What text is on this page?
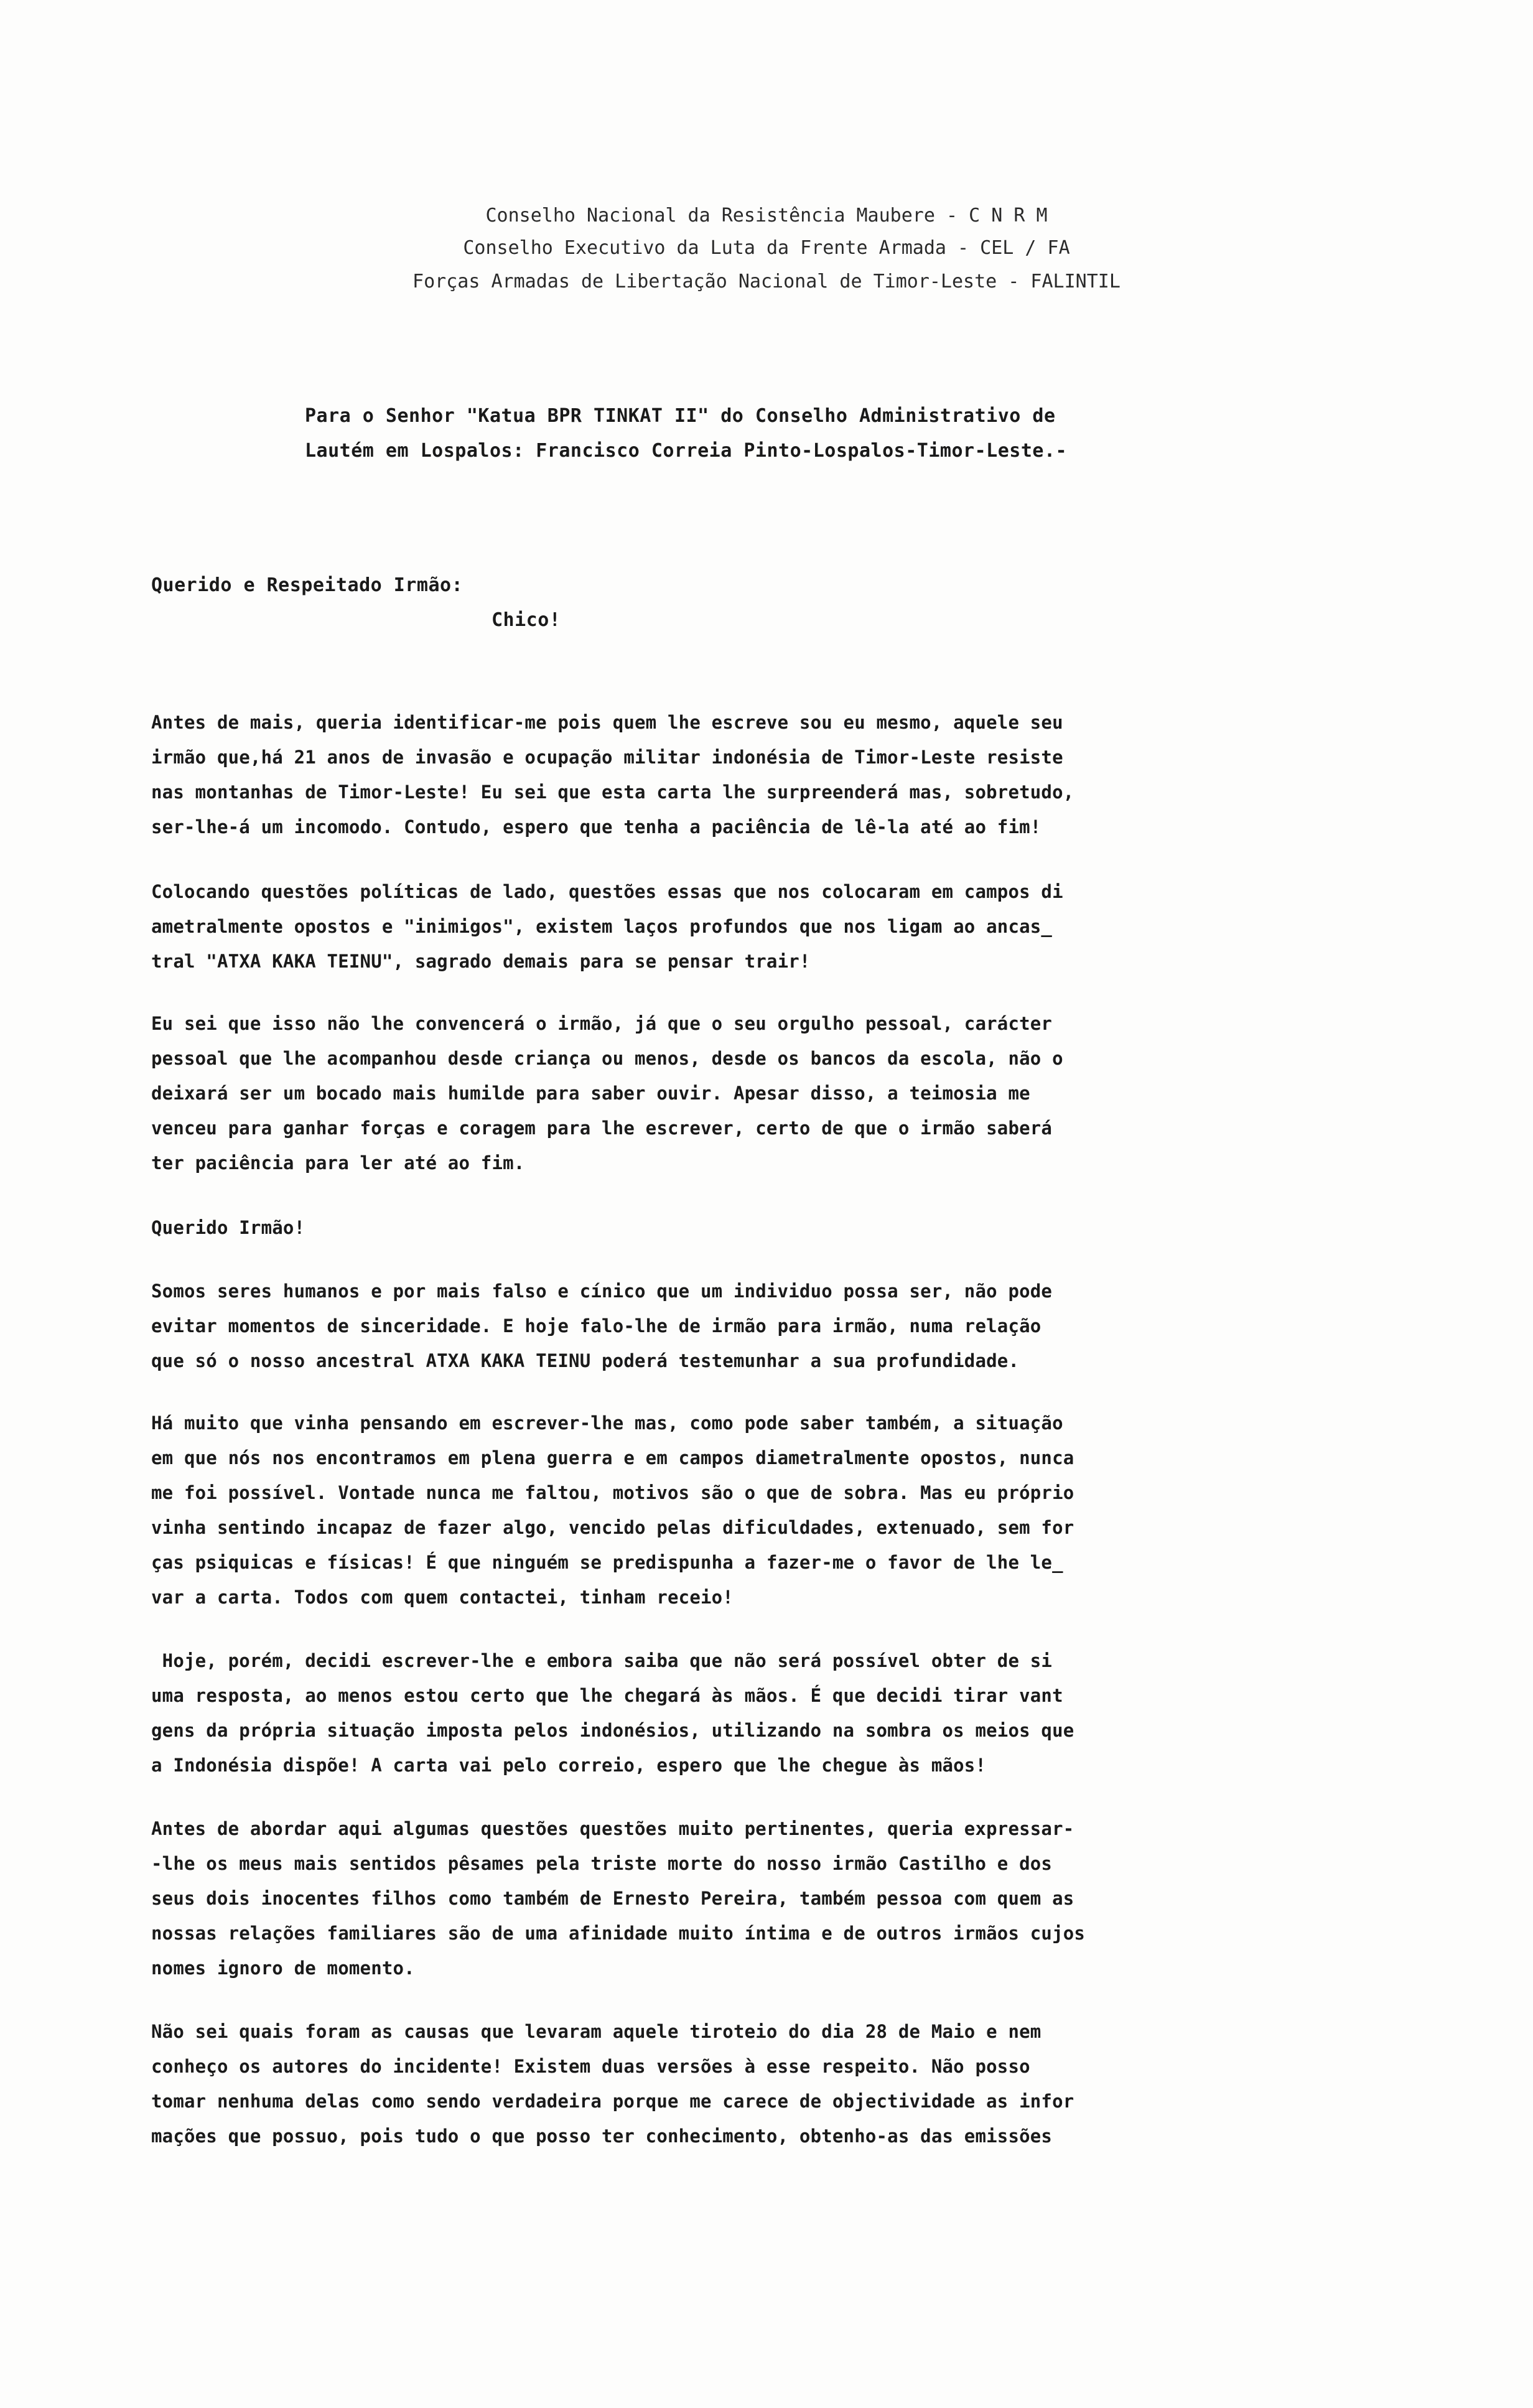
Conselho Nacional da Resistência Maubere - C N R M
Conselho Executivo da Luta da Frente Armada - CEL / FA
Forças Armadas de Libertação Nacional de Timor-Leste - FALINTIL
Para o Senhor "Katua BPR TINKAT II" do Conselho Administrativo de
Lautém em Lospalos: Francisco Correia Pinto-Lospalos-Timor-Leste.-
Querido e Respeitado Irmão:
Chico!
Antes de mais, queria identificar-me pois quem lhe escreve sou eu mesmo, aquele seu
irmão que,há 21 anos de invasão e ocupação militar indonésia de Timor-Leste resiste
nas montanhas de Timor-Leste! Eu sei que esta carta lhe surpreenderá mas, sobretudo,
ser-lhe-á um incomodo. Contudo, espero que tenha a paciência de lê-la até ao fim!
Colocando questões políticas de lado, questões essas que nos colocaram em campos di
ametralmente opostos e "inimigos", existem laços profundos que nos ligam ao ancas_
tral "ATXA KAKA TEINU", sagrado demais para se pensar trair!
Eu sei que isso não lhe convencerá o irmão, já que o seu orgulho pessoal, carácter
pessoal que lhe acompanhou desde criança ou menos, desde os bancos da escola, não o
deixará ser um bocado mais humilde para saber ouvir. Apesar disso, a teimosia me
venceu para ganhar forças e coragem para lhe escrever, certo de que o irmão saberá
ter paciência para ler até ao fim.
Querido Irmão!
Somos seres humanos e por mais falso e cínico que um individuo possa ser, não pode
evitar momentos de sinceridade. E hoje falo-lhe de irmão para irmão, numa relação
que só o nosso ancestral ATXA KAKA TEINU poderá testemunhar a sua profundidade.
Há muito que vinha pensando em escrever-lhe mas, como pode saber também, a situação
em que nós nos encontramos em plena guerra e em campos diametralmente opostos, nunca
me foi possível. Vontade nunca me faltou, motivos são o que de sobra. Mas eu próprio
vinha sentindo incapaz de fazer algo, vencido pelas dificuldades, extenuado, sem for
ças psiquicas e físicas! É que ninguém se predispunha a fazer-me o favor de lhe le_
var a carta. Todos com quem contactei, tinham receio!
Hoje, porém, decidi escrever-lhe e embora saiba que não será possível obter de si
uma resposta, ao menos estou certo que lhe chegará às mãos. É que decidi tirar vant
gens da própria situação imposta pelos indonésios, utilizando na sombra os meios que
a Indonésia dispõe! A carta vai pelo correio, espero que lhe chegue às mãos!
Antes de abordar aqui algumas questões questões muito pertinentes, queria expressar-
-lhe os meus mais sentidos pêsames pela triste morte do nosso irmão Castilho e dos
seus dois inocentes filhos como também de Ernesto Pereira, também pessoa com quem as
nossas relações familiares são de uma afinidade muito íntima e de outros irmãos cujos
nomes ignoro de momento.
Não sei quais foram as causas que levaram aquele tiroteio do dia 28 de Maio e nem
conheço os autores do incidente! Existem duas versões à esse respeito. Não posso
tomar nenhuma delas como sendo verdadeira porque me carece de objectividade as infor
mações que possuo, pois tudo o que posso ter conhecimento, obtenho-as das emissões
